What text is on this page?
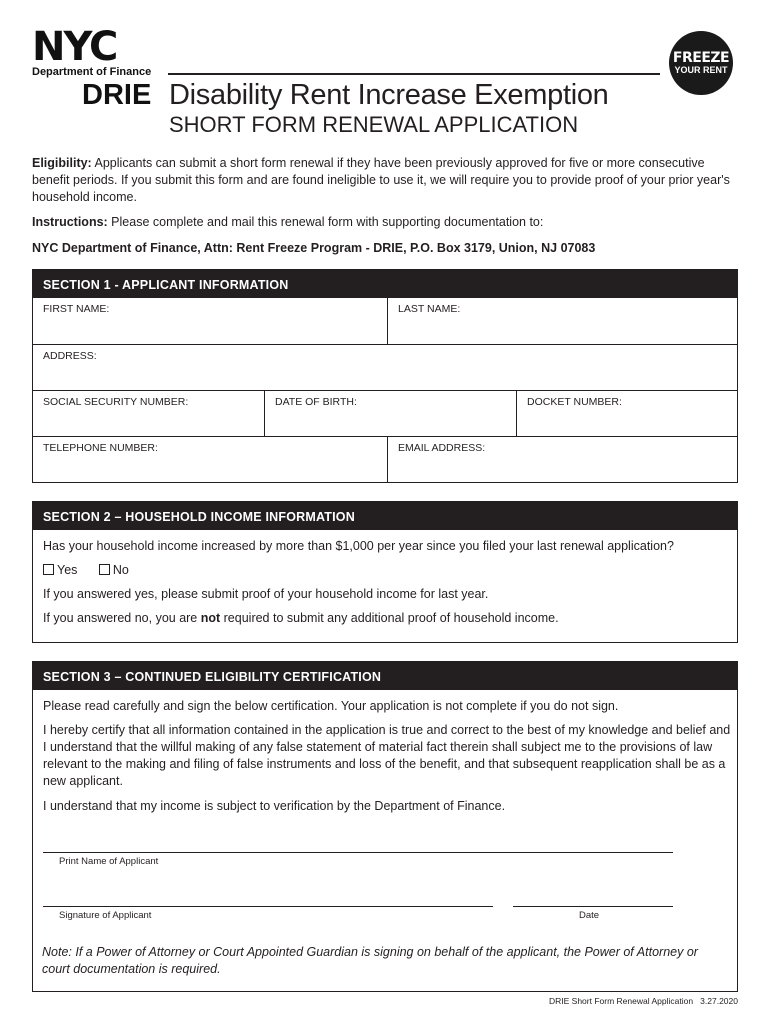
NYC
Department of Finance
FREEZE
YOUR RENT
DRIE Disability Rent Increase Exemption
SHORT FORM RENEWAL APPLICATION
Eligibility: Applicants can submit a short form renewal if they have been previously approved for five or more consecutive benefit periods. If you submit this form and are found ineligible to use it, we will require you to provide proof of your prior year's household income.
Instructions: Please complete and mail this renewal form with supporting documentation to:
NYC Department of Finance, Attn: Rent Freeze Program - DRIE, P.O. Box 3179, Union, NJ 07083
SECTION 1 - APPLICANT INFORMATION
FIRST NAME:	LAST NAME:
ADDRESS:
SOCIAL SECURITY NUMBER:	DATE OF BIRTH:	DOCKET NUMBER:
TELEPHONE NUMBER:	EMAIL ADDRESS:
SECTION 2 – HOUSEHOLD INCOME INFORMATION
Has your household income increased by more than $1,000 per year since you filed your last renewal application?
Yes	No
If you answered yes, please submit proof of your household income for last year.
If you answered no, you are not required to submit any additional proof of household income.
SECTION 3 – CONTINUED ELIGIBILITY CERTIFICATION
Please read carefully and sign the below certification. Your application is not complete if you do not sign.
I hereby certify that all information contained in the application is true and correct to the best of my knowledge and belief and I understand that the willful making of any false statement of material fact therein shall subject me to the provisions of law relevant to the making and filing of false instruments and loss of the benefit, and that subsequent reapplication shall be as a new applicant.
I understand that my income is subject to verification by the Department of Finance.
Print Name of Applicant
Signature of Applicant	Date
Note: If a Power of Attorney or Court Appointed Guardian is signing on behalf of the applicant, the Power of Attorney or court documentation is required.
DRIE Short Form Renewal Application 3.27.2020
